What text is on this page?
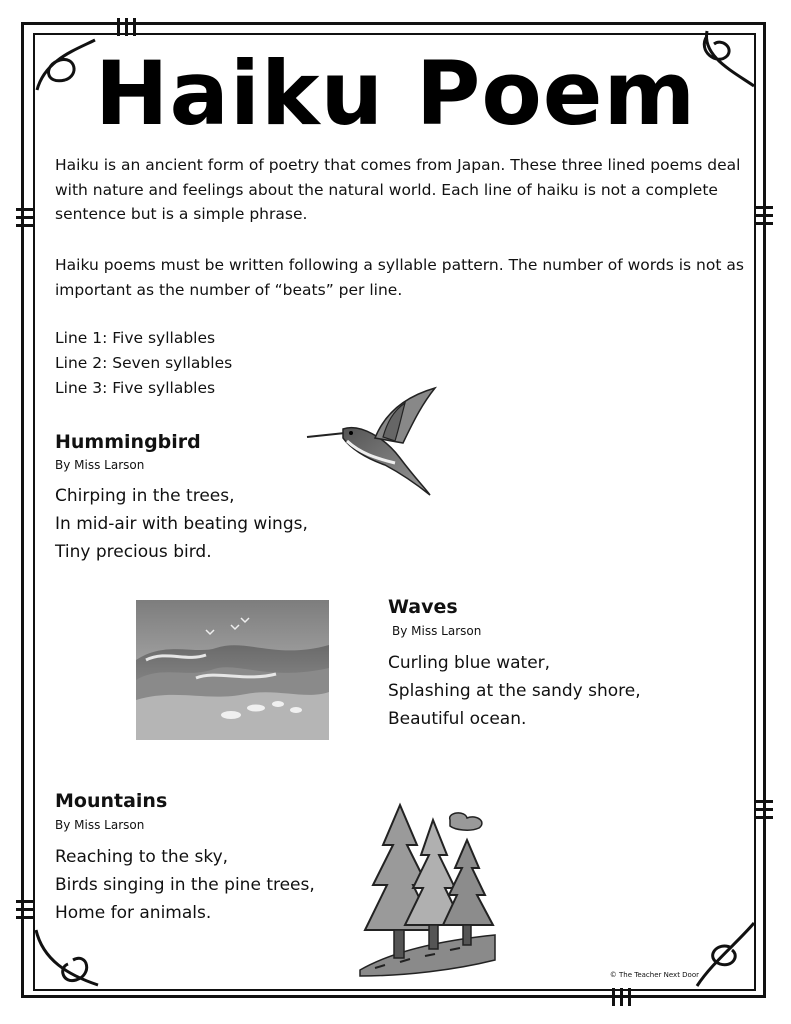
Haiku Poem

Haiku is an ancient form of poetry that comes from Japan. These three lined poems deal with nature and feelings about the natural world. Each line of haiku is not a complete sentence but is a simple phrase.

Haiku poems must be written following a syllable pattern. The number of words is not as important as the number of “beats” per line.

Line 1: Five syllables
Line 2: Seven syllables
Line 3: Five syllables
Hummingbird

By Miss Larson

Chirping in the trees,
In mid-air with beating wings,
Tiny precious bird.
Waves

By Miss Larson

Curling blue water,
Splashing at the sandy shore,
Beautiful ocean.
Mountains

By Miss Larson

Reaching to the sky,
Birds singing in the pine trees,
Home for animals.

© The Teacher Next Door
